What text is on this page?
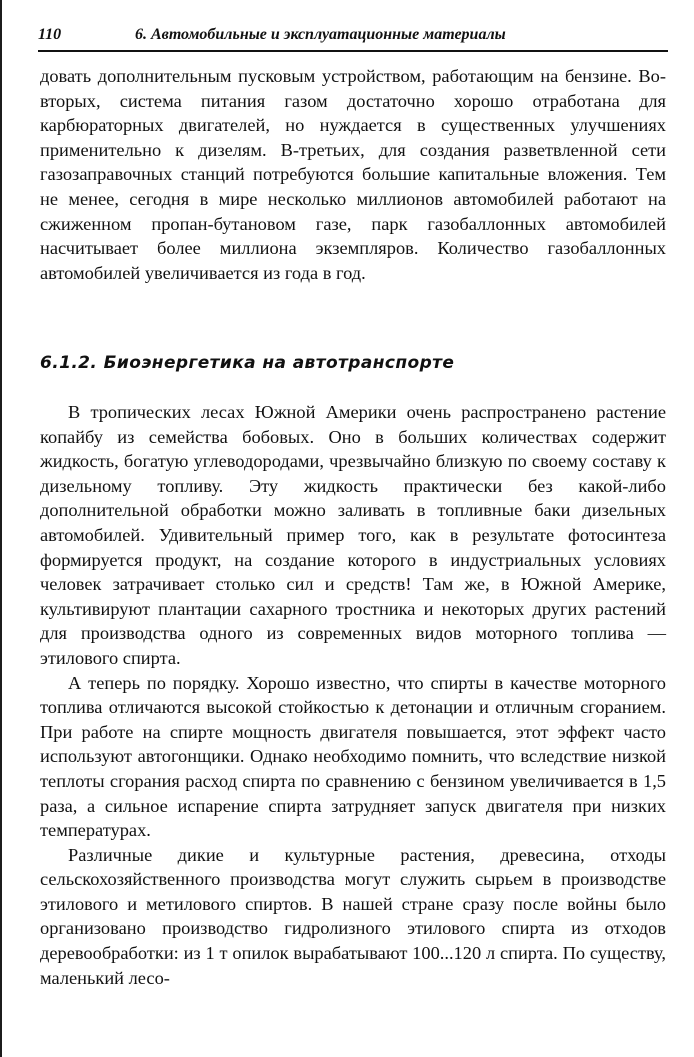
110	6. Автомобильные и эксплуатационные материалы

довать дополнительным пусковым устройством, работающим на бензине. Во-вторых, система питания газом достаточно хорошо отработана для карбюраторных двигателей, но нуждается в существенных улучшениях применительно к дизелям. В-третьих, для создания разветвленной сети газозаправочных станций потребуются большие капитальные вложения. Тем не менее, сегодня в мире несколько миллионов автомобилей работают на сжиженном пропан-бутановом газе, парк газобаллонных автомобилей насчитывает более миллиона экземпляров. Количество газобаллонных автомобилей увеличивается из года в год.

6.1.2. Биоэнергетика на автотранспорте

В тропических лесах Южной Америки очень распространено растение копайбу из семейства бобовых. Оно в больших количествах содержит жидкость, богатую углеводородами, чрезвычайно близкую по своему составу к дизельному топливу. Эту жидкость практически без какой-либо дополнительной обработки можно заливать в топливные баки дизельных автомобилей. Удивительный пример того, как в результате фотосинтеза формируется продукт, на создание которого в индустриальных условиях человек затрачивает столько сил и средств! Там же, в Южной Америке, культивируют плантации сахарного тростника и некоторых других растений для производства одного из современных видов моторного топлива — этилового спирта.

А теперь по порядку. Хорошо известно, что спирты в качестве моторного топлива отличаются высокой стойкостью к детонации и отличным сгоранием. При работе на спирте мощность двигателя повышается, этот эффект часто используют автогонщики. Однако необходимо помнить, что вследствие низкой теплоты сгорания расход спирта по сравнению с бензином увеличивается в 1,5 раза, а сильное испарение спирта затрудняет запуск двигателя при низких температурах.

Различные дикие и культурные растения, древесина, отходы сельскохозяйственного производства могут служить сырьем в производстве этилового и метилового спиртов. В нашей стране сразу после войны было организовано производство гидролизного этилового спирта из отходов деревообработки: из 1 т опилок вырабатывают 100...120 л спирта. По существу, маленький лесо-
